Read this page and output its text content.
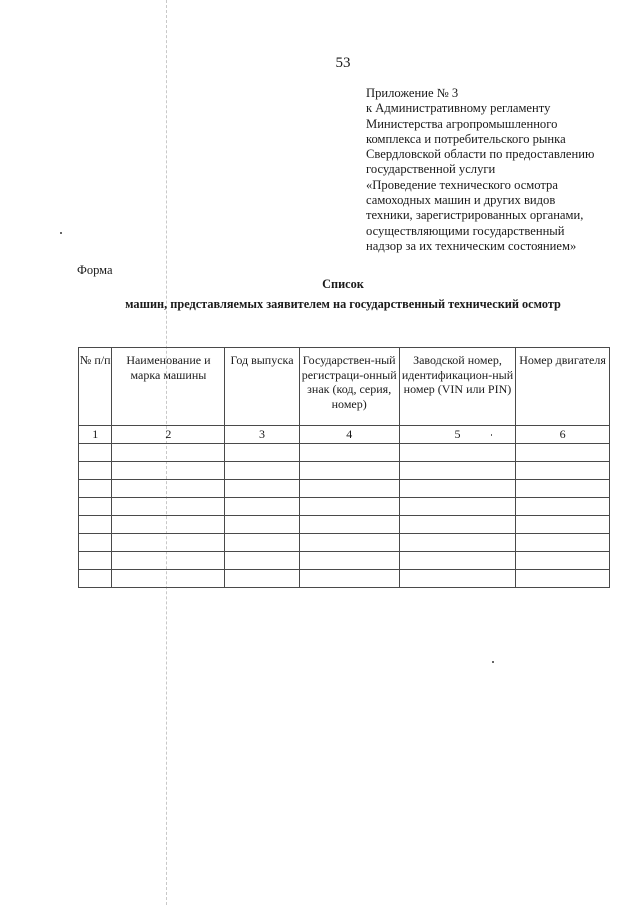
53
Приложение № 3
к Административному регламенту
Министерства агропромышленного
комплекса и потребительского рынка
Свердловской области по предоставлению
государственной услуги
«Проведение технического осмотра
самоходных машин и других видов
техники, зарегистрированных органами,
осуществляющими государственный
надзор за их техническим состоянием»
Форма
Список
машин, представляемых заявителем на государственный технический осмотр
№ п/п	Наименование и марка машины	Год выпуска	Государствен-ный регистраци-онный знак (код, серия, номер)	Заводской номер, идентификацион-ный номер (VIN или PIN)	Номер двигателя
1	2	3	4	5	6
